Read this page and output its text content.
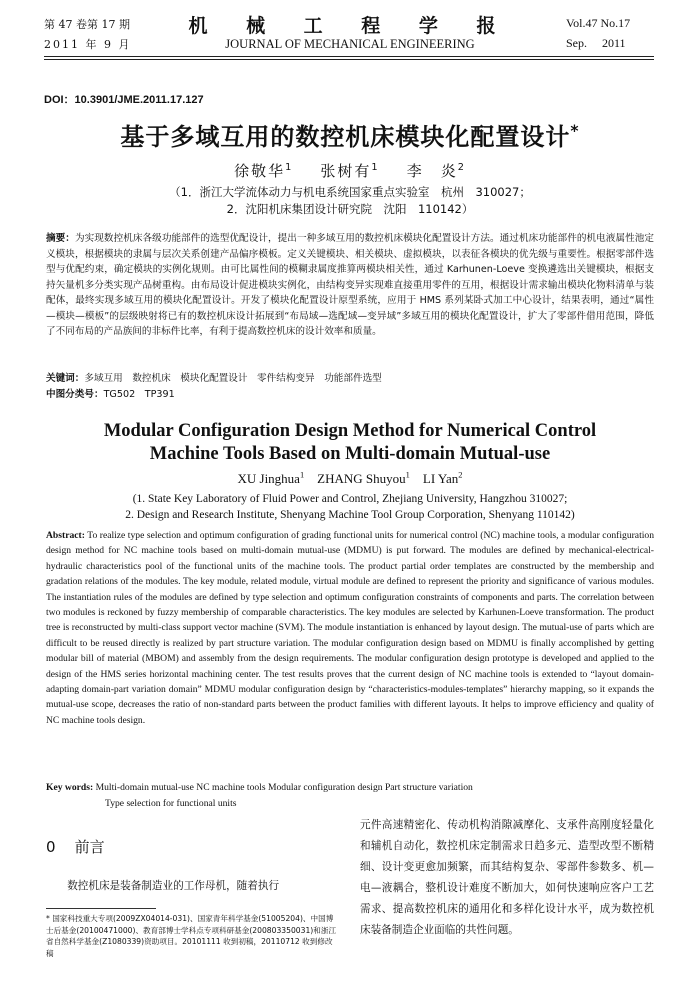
第 47 卷第 17 期
2011 年 9 月
机 械 工 程 学 报
JOURNAL OF MECHANICAL ENGINEERING
Vol.47 No.17
Sep.     2011
DOI：10.3901/JME.2011.17.127
基于多域互用的数控机床模块化配置设计*
徐敬华$^1$ 张树有$^1$ 李　炎$^2$
（1．浙江大学流体动力与机电系统国家重点实验室　杭州　310027；
2．沈阳机床集团设计研究院　沈阳　110142）
摘要：为实现数控机床各级功能部件的选型优配设计，提出一种多域互用的数控机床模块化配置设计方法。通过机床功能部件的机电液属性池定义模块，根据模块的隶属与层次关系创建产品偏序模板。定义关键模块、相关模块、虚拟模块，以表征各模块的优先级与重要性。根据零部件选型与优配约束，确定模块的实例化规则。由可比属性间的模糊隶属度推算两模块相关性，通过 Karhunen-Loeve 变换遴选出关键模块，根据支持矢量机多分类实现产品树重构。由布局设计促进模块实例化，由结构变异实现难直接重用零件的互用，根据设计需求输出模块化物料清单与装配体，最终实现多域互用的模块化配置设计。开发了模块化配置设计原型系统，应用于 HMS 系列某卧式加工中心设计，结果表明，通过“属性—模块—模板”的层级映射将已有的数控机床设计拓展到“布局域—选配域—变异域”多域互用的模块化配置设计，扩大了零部件借用范围，降低了不同布局的产品族间的非标件比率，有利于提高数控机床的设计效率和质量。
关键词：多域互用　数控机床　模块化配置设计　零件结构变异　功能部件选型
中图分类号：TG502　TP391
Modular Configuration Design Method for Numerical Control
Machine Tools Based on Multi-domain Mutual-use
XU Jinghua$^1$ ZHANG Shuyou$^1$ LI Yan$^2$
(1. State Key Laboratory of Fluid Power and Control, Zhejiang University, Hangzhou 310027;
2. Design and Research Institute, Shenyang Machine Tool Group Corporation, Shenyang 110142)
Abstract: To realize type selection and optimum configuration of grading functional units for numerical control (NC) machine tools, a modular configuration design method for NC machine tools based on multi-domain mutual-use (MDMU) is put forward. The modules are defined by mechanical-electrical-hydraulic characteristics pool of the functional units of the machine tools. The product partial order templates are constructed by the membership and gradation relations of the modules. The key module, related module, virtual module are defined to represent the priority and significance of various modules. The instantiation rules of the modules are defined by type selection and optimum configuration constraints of components and parts. The correlation between two modules is reckoned by fuzzy membership of comparable characteristics. The key modules are selected by Karhunen-Loeve transformation. The product tree is reconstructed by multi-class support vector machine (SVM). The module instantiation is enhanced by layout design. The mutual-use of parts which are difficult to be reused directly is realized by part structure variation. The modular configuration design based on MDMU is finally accomplished by getting modular bill of material (MBOM) and assembly from the design requirements. The modular configuration design prototype is developed and applied to the design of the HMS series horizontal machining center. The test results proves that the current design of NC machine tools is extended to “layout domain-adapting domain-part variation domain” MDMU modular configuration design by “characteristics-modules-templates” hierarchy mapping, so it expands the mutual-use scope, decreases the ratio of non-standard parts between the product families with different layouts. It helps to improve efficiency and quality of NC machine tools design.
Key words: Multi-domain mutual-use NC machine tools Modular configuration design Part structure variation
Type selection for functional units
0 前言
数控机床是装备制造业的工作母机，随着执行
* 国家科技重大专项(2009ZX04014-031)、国家青年科学基金(51005204)、中国博士后基金(20100471000)、教育部博士学科点专项科研基金(20080335003​1)和浙江省自然科学基金(Z1080339)资助项目。20101111 收到初稿，20110712 收到修改稿
元件高速精密化、传动机构消隙减摩化、支承件高刚度轻量化和辅机自动化，数控机床定制需求日趋多元、造型改型不断精细、设计变更愈加频繁，而其结构复杂、零部件参数多、机—电—液耦合，整机设计难度不断加大，如何快速响应客户工艺需求、提高数控机床的通用化和多样化设计水平，成为数控机床装备制造企业面临的共性问题。
